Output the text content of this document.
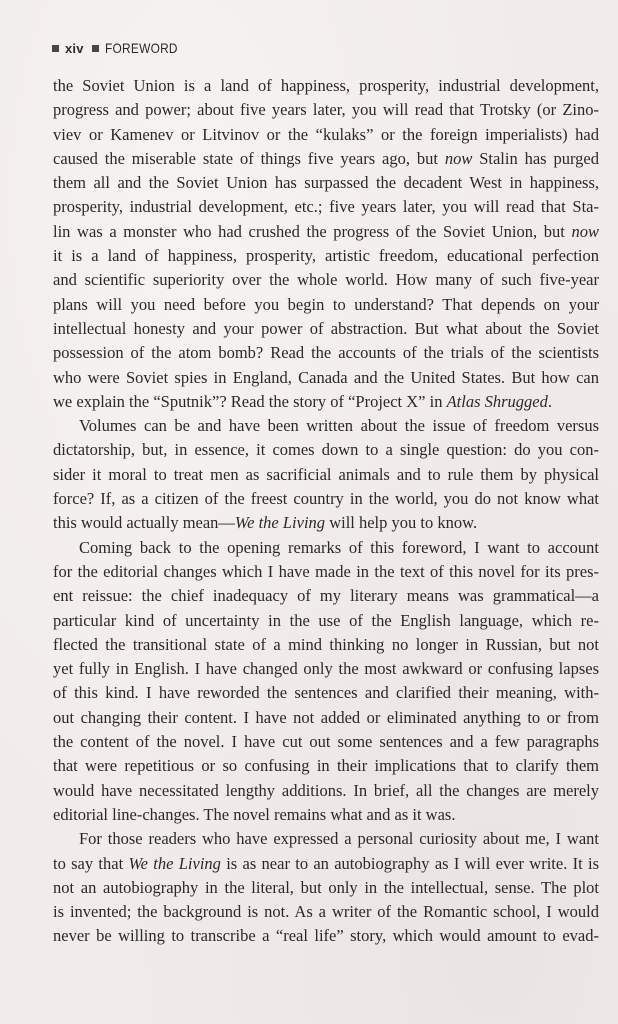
xiv FOREWORD
the Soviet Union is a land of happiness, prosperity, industrial development,
progress and power; about five years later, you will read that Trotsky (or Zino-
viev or Kamenev or Litvinov or the “kulaks” or the foreign imperialists) had
caused the miserable state of things five years ago, but now Stalin has purged
them all and the Soviet Union has surpassed the decadent West in happiness,
prosperity, industrial development, etc.; five years later, you will read that Sta-
lin was a monster who had crushed the progress of the Soviet Union, but now
it is a land of happiness, prosperity, artistic freedom, educational perfection
and scientific superiority over the whole world. How many of such five-year
plans will you need before you begin to understand? That depends on your
intellectual honesty and your power of abstraction. But what about the Soviet
possession of the atom bomb? Read the accounts of the trials of the scientists
who were Soviet spies in England, Canada and the United States. But how can
we explain the “Sputnik”? Read the story of “Project X” in Atlas Shrugged.
Volumes can be and have been written about the issue of freedom versus
dictatorship, but, in essence, it comes down to a single question: do you con-
sider it moral to treat men as sacrificial animals and to rule them by physical
force? If, as a citizen of the freest country in the world, you do not know what
this would actually mean—We the Living will help you to know.
Coming back to the opening remarks of this foreword, I want to account
for the editorial changes which I have made in the text of this novel for its pres-
ent reissue: the chief inadequacy of my literary means was grammatical—a
particular kind of uncertainty in the use of the English language, which re-
flected the transitional state of a mind thinking no longer in Russian, but not
yet fully in English. I have changed only the most awkward or confusing lapses
of this kind. I have reworded the sentences and clarified their meaning, with-
out changing their content. I have not added or eliminated anything to or from
the content of the novel. I have cut out some sentences and a few paragraphs
that were repetitious or so confusing in their implications that to clarify them
would have necessitated lengthy additions. In brief, all the changes are merely
editorial line-changes. The novel remains what and as it was.
For those readers who have expressed a personal curiosity about me, I want
to say that We the Living is as near to an autobiography as I will ever write. It is
not an autobiography in the literal, but only in the intellectual, sense. The plot
is invented; the background is not. As a writer of the Romantic school, I would
never be willing to transcribe a “real life” story, which would amount to evad-
